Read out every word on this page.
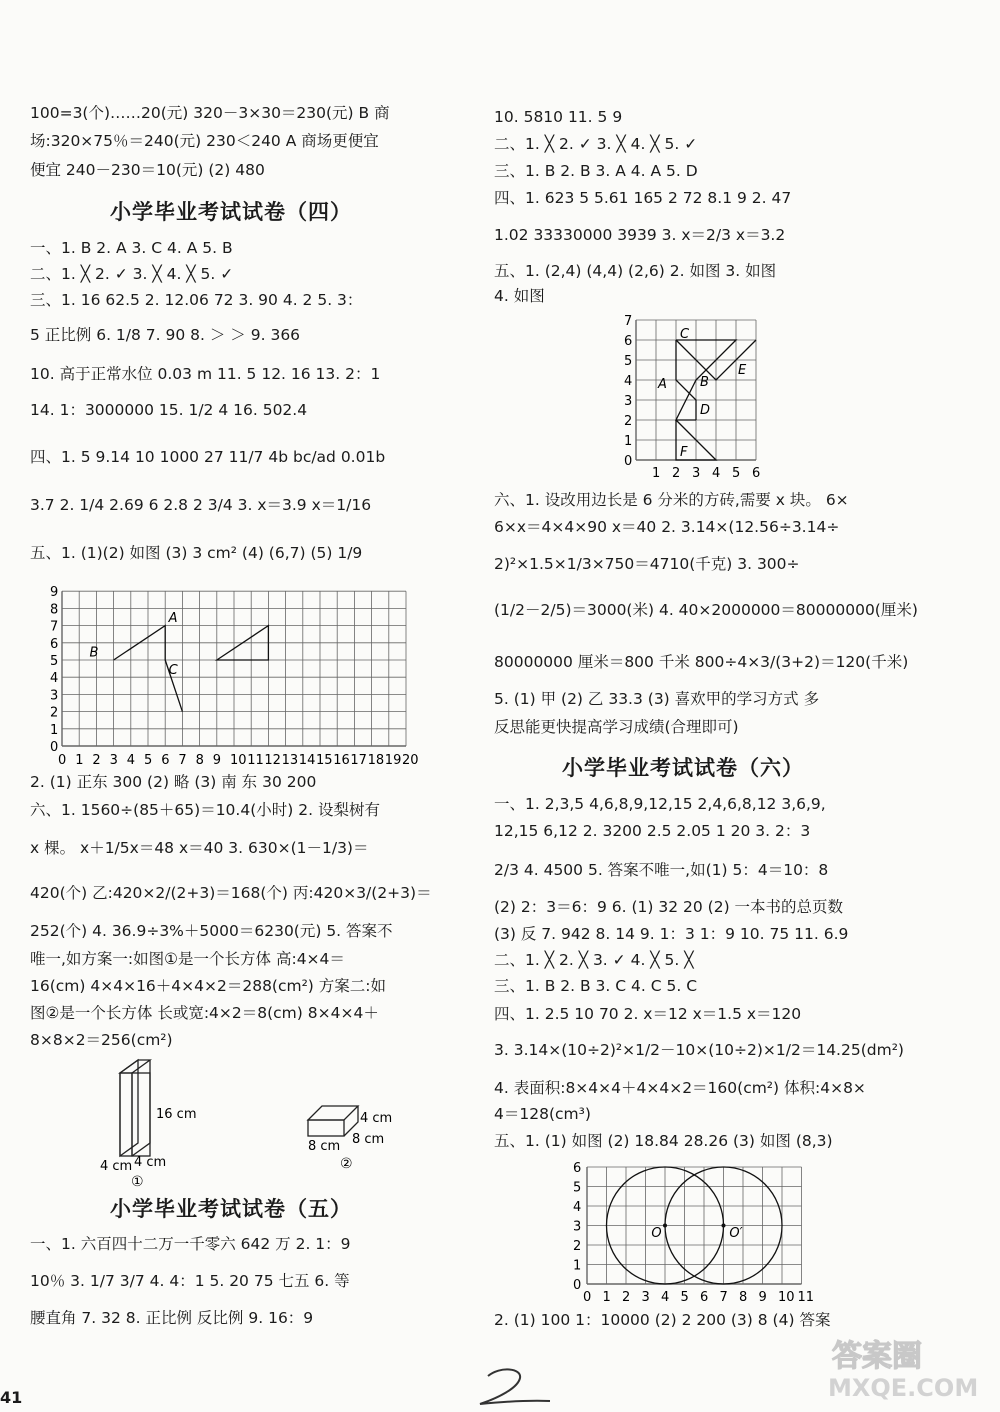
100=3(个)……20(元) 320－3×30＝230(元) B 商
场:320×75％＝240(元) 230＜240 A 商场更便宜
便宜 240－230＝10(元) (2) 480
小学毕业考试试卷（四）
一、1. B 2. A 3. C 4. A 5. B
二、1. ╳ 2. ✓ 3. ╳ 4. ╳ 5. ✓
三、1. 16 62.5 2. 12.06 72 3. 90 4. 2 5. 3：
5 正比例 6. 1/8 7. 90 8. ＞ ＞ 9. 366
10. 高于正常水位 0.03 m 11. 5 12. 16 13. 2：1
14. 1：3000000 15. 1/2 4 16. 502.4
四、1. 5 9.14 10 1000 27 11/7 4b bc/ad 0.01b
3.7 2. 1/4 2.69 6 2.8 2 3/4 3. x＝3.9 x＝1/16
五、1. (1)(2) 如图 (3) 3 cm² (4) (6,7) (5) 1/9
0
1
2
3
4
5
6
7
8
9
0 1 2 3 4 5 6 7 8 9 10 11 12 13 14 15 16 17 18 19 20
A
B
C
2. (1) 正东 300 (2) 略 (3) 南 东 30 200
六、1. 1560÷(85＋65)＝10.4(小时) 2. 设梨树有
x 棵。 x＋1/5x＝48 x＝40 3. 630×(1－1/3)＝
420(个) 乙:420×2/(2+3)＝168(个) 丙:420×3/(2+3)＝
252(个) 4. 36.9÷3%＋5000＝6230(元) 5. 答案不
唯一,如方案一:如图①是一个长方体 高:4×4＝
16(cm) 4×4×16＋4×4×2＝288(cm²) 方案二:如
图②是一个长方体 长或宽:4×2＝8(cm) 8×4×4＋
8×8×2＝256(cm²)
16 cm
4 cm 4 cm
①
4 cm
8 cm 8 cm
②
小学毕业考试试卷（五）
一、1. 六百四十二万一千零六 642 万 2. 1：9
10％ 3. 1/7 3/7 4. 4：1 5. 20 75 七五 6. 等
腰直角 7. 32 8. 正比例 反比例 9. 16：9
10. 5810 11. 5 9
二、1. ╳ 2. ✓ 3. ╳ 4. ╳ 5. ✓
三、1. B 2. B 3. A 4. A 5. D
四、1. 623 5 5.61 165 2 72 8.1 9 2. 47
1.02 33330000 3939 3. x＝2/3 x＝3.2
五、1. (2,4) (4,4) (2,6) 2. 如图 3. 如图
4. 如图
0
1
2
3
4
5
6
7
1 2 3 4 5 6
C
A	B
E
D
F
六、1. 设改用边长是 6 分米的方砖,需要 x 块。 6×
6×x＝4×4×90 x＝40 2. 3.14×(12.56÷3.14÷
2)²×1.5×1/3×750＝4710(千克) 3. 300÷
(1/2－2/5)＝3000(米) 4. 40×2000000＝80000000(厘米)
80000000 厘米＝800 千米 800÷4×3/(3+2)＝120(千米)
5. (1) 甲 (2) 乙 33.3 (3) 喜欢甲的学习方式 多
反思能更快提高学习成绩(合理即可)
小学毕业考试试卷（六）
一、1. 2,3,5 4,6,8,9,12,15 2,4,6,8,12 3,6,9,
12,15 6,12 2. 3200 2.5 2.05 1 20 3. 2：3
2/3 4. 4500 5. 答案不唯一,如(1) 5：4＝10：8
(2) 2：3＝6：9 6. (1) 32 20 (2) 一本书的总页数
(3) 反 7. 942 8. 14 9. 1：3 1：9 10. 75 11. 6.9
二、1. ╳ 2. ╳ 3. ✓ 4. ╳ 5. ╳
三、1. B 2. B 3. C 4. C 5. C
四、1. 2.5 10 70 2. x＝12 x＝1.5 x＝120
3. 3.14×(10÷2)²×1/2－10×(10÷2)×1/2＝14.25(dm²)
4. 表面积:8×4×4＋4×4×2＝160(cm²) 体积:4×8×
4＝128(cm³)
五、1. (1) 如图 (2) 18.84 28.26 (3) 如图 (8,3)
0
1
2
3
4
5
6
0 1 2 3 4 5 6 7 8 9 10 11
O	O′
2. (1) 100 1：10000 (2) 2 200 (3) 8 (4) 答案
41
答案圈
MXQE.COM
